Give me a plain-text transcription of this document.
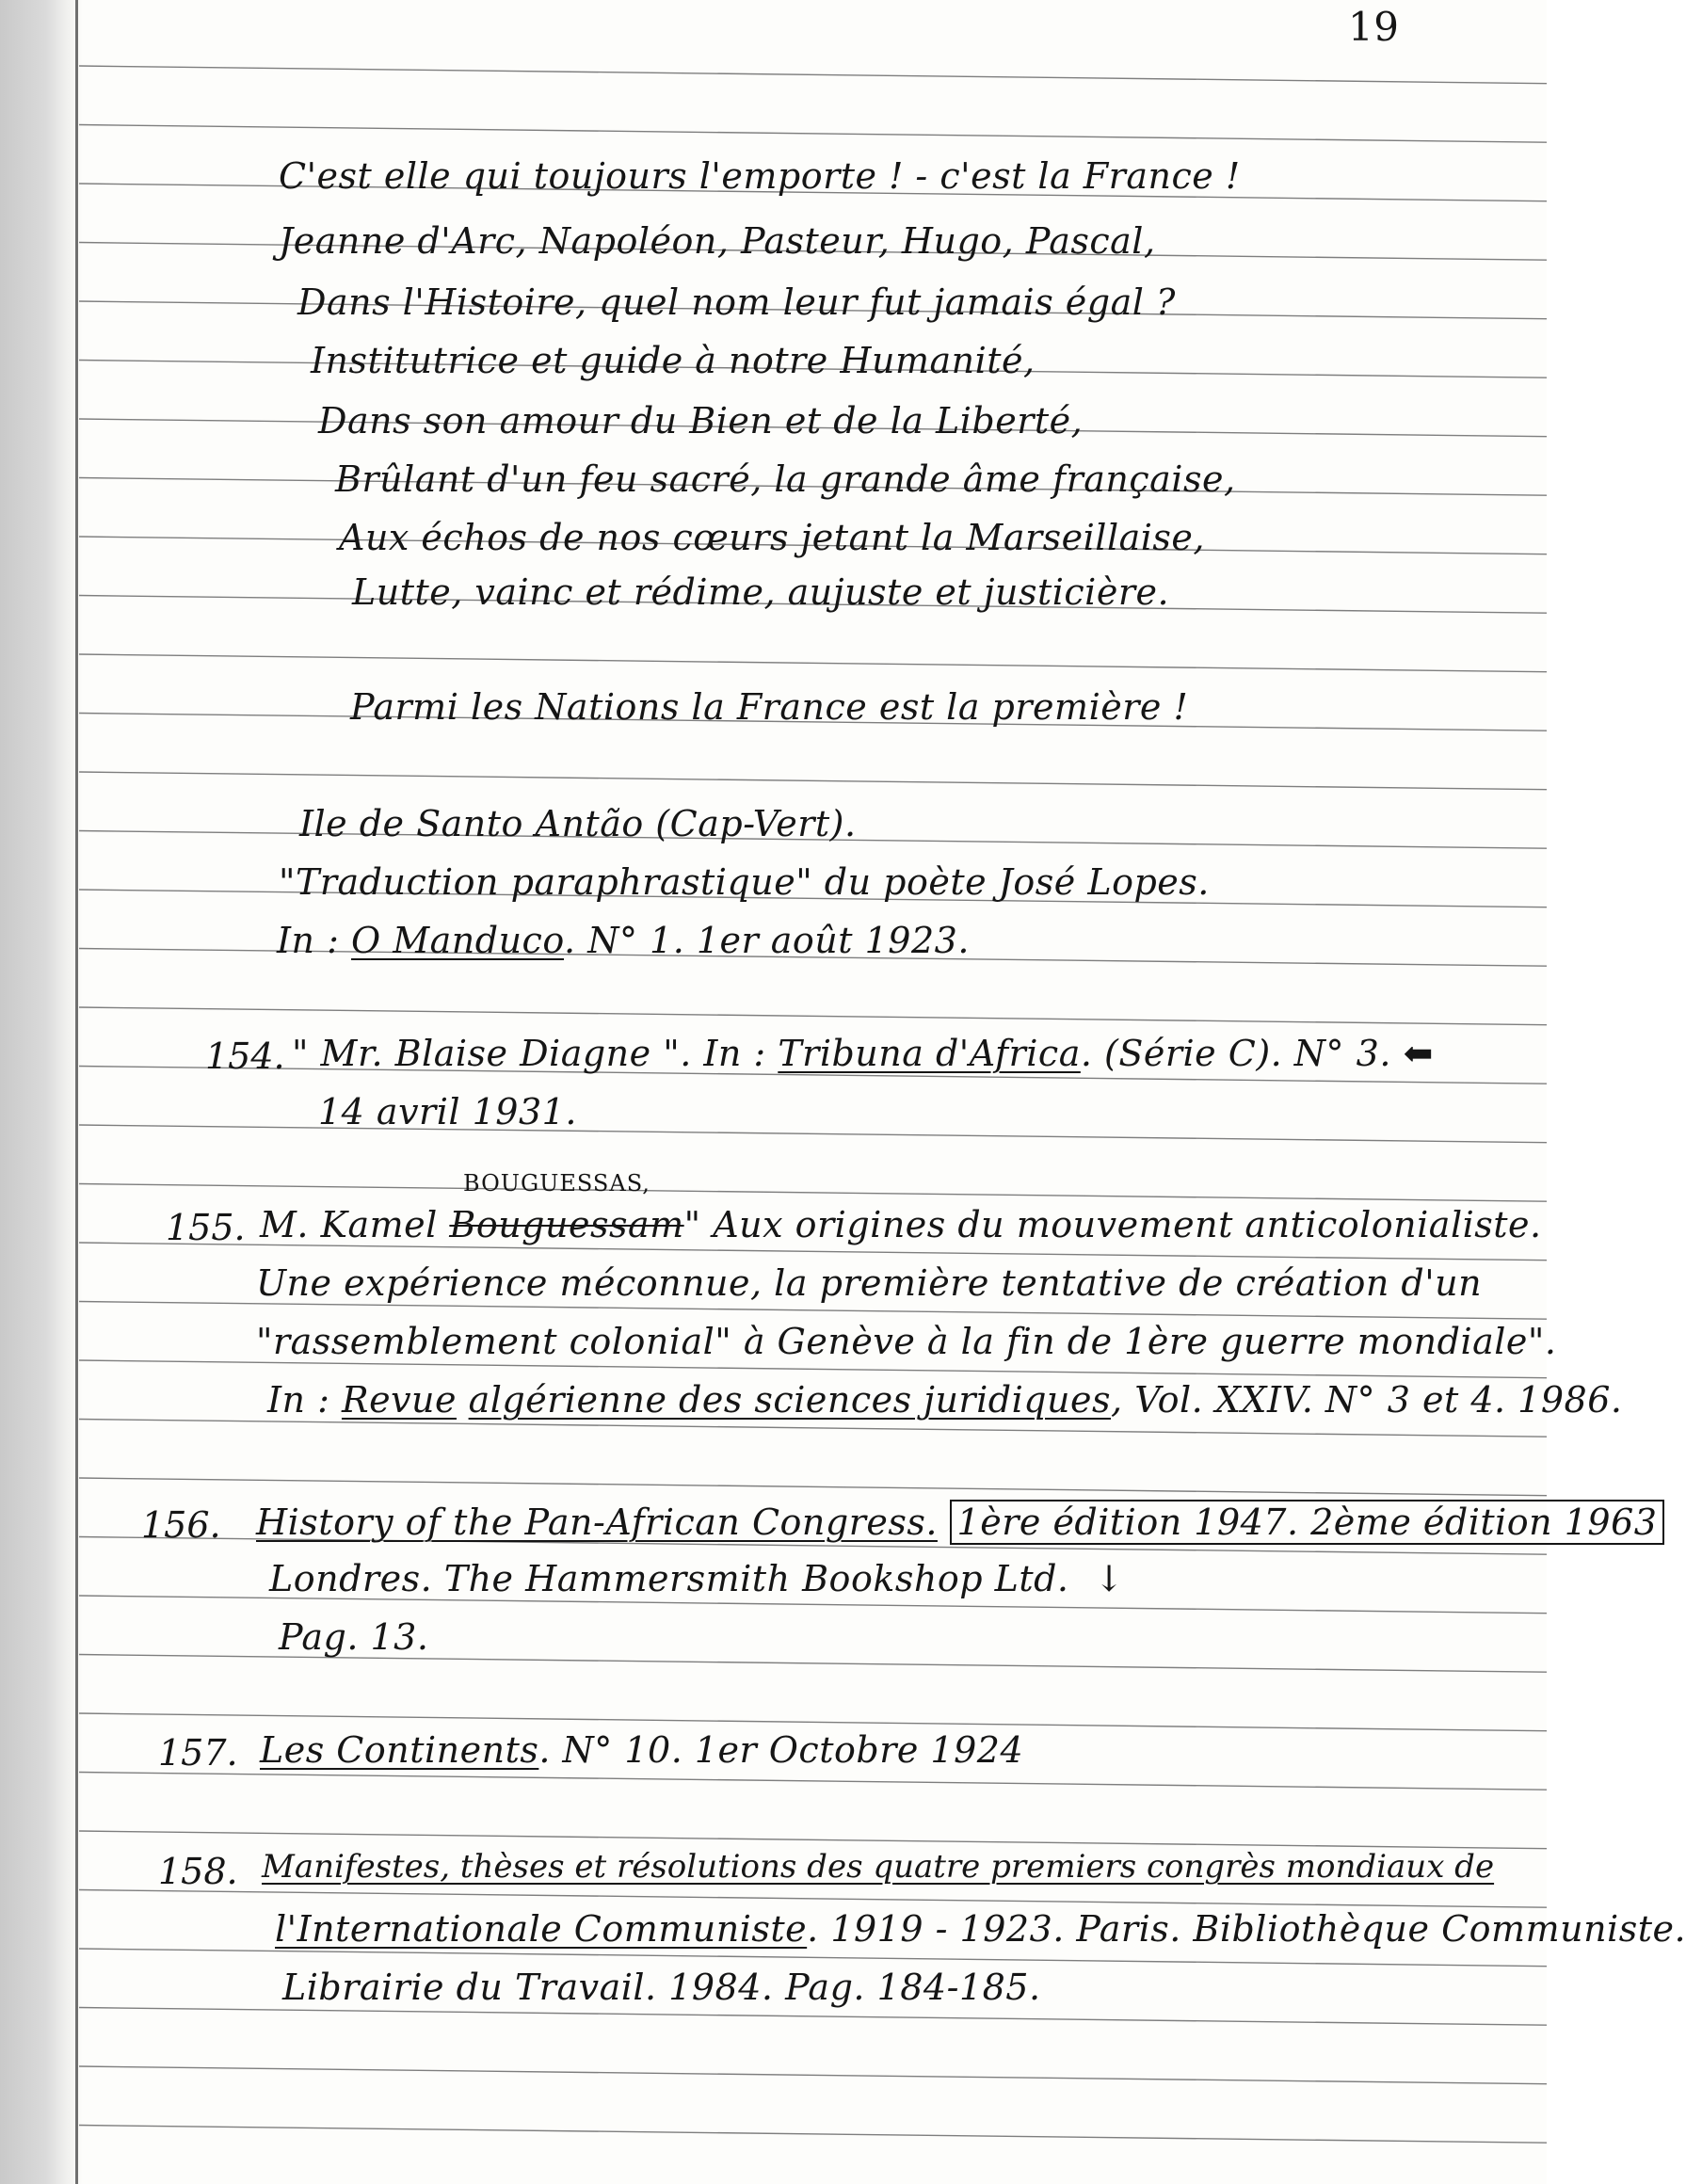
19
C'est elle qui toujours l'emporte ! - c'est la France !
Jeanne d'Arc, Napoléon, Pasteur, Hugo, Pascal,
Dans l'Histoire, quel nom leur fut jamais égal ?
Institutrice et guide à notre Humanité,
Dans son amour du Bien et de la Liberté,
Brûlant d'un feu sacré, la grande âme française,
Aux échos de nos cœurs jetant la Marseillaise,
Lutte, vainc et rédime, aujuste et justicière.
Parmi les Nations la France est la première !
Ile de Santo Antão (Cap-Vert).
"Traduction paraphrastique" du poète José Lopes.
In : O Manduco. N° 1. 1er août 1923.
154. " Mr. Blaise Diagne ". In : Tribuna d'Africa. (Série C). N° 3. ⬅
14 avril 1931.
BOUGUESSAS,
155. M. Kamel Bouguessam" Aux origines du mouvement anticolonialiste.
Une expérience méconnue, la première tentative de création d'un
"rassemblement colonial" à Genève à la fin de 1ère guerre mondiale".
In : Revue algérienne des sciences juridiques, Vol. XXIV. N° 3 et 4. 1986.
156. History of the Pan-African Congress. 1ère édition 1947. 2ème édition 1963
Londres. The Hammersmith Bookshop Ltd. ↓
Pag. 13.
157. Les Continents. N° 10. 1er Octobre 1924
158. Manifestes, thèses et résolutions des quatre premiers congrès mondiaux de
l'Internationale Communiste. 1919 - 1923. Paris. Bibliothèque Communiste.
Librairie du Travail. 1984. Pag. 184-185.
